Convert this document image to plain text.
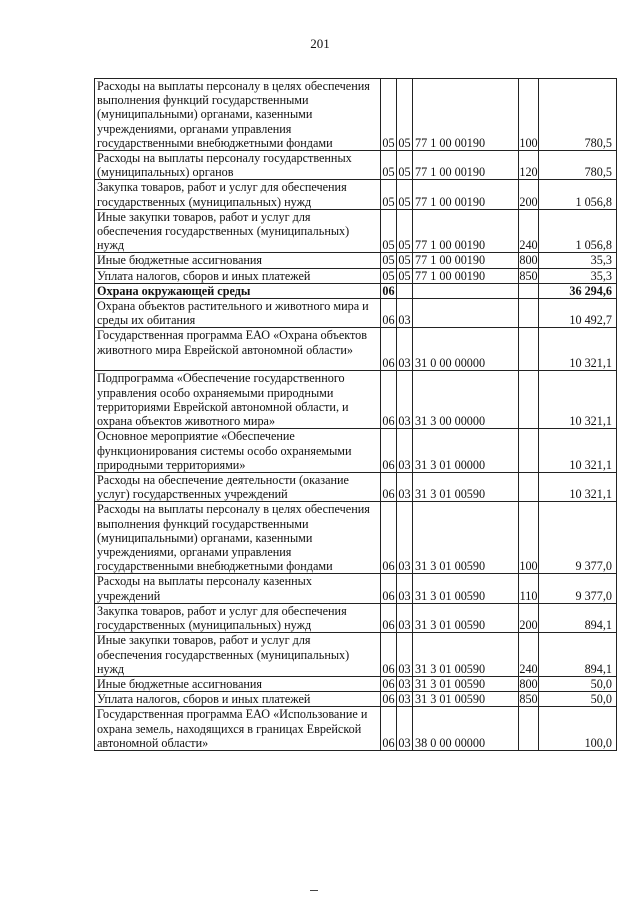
201
Расходы на выплаты персоналу в целях обеспечения выполнения функций государственными (муниципальными) органами, казенными учреждениями, органами управления государственными внебюджетными фондами	05	05	77 1 00 00190	100	780,5
Расходы на выплаты персоналу государственных (муниципальных) органов	05	05	77 1 00 00190	120	780,5
Закупка товаров, работ и услуг для обеспечения государственных (муниципальных) нужд	05	05	77 1 00 00190	200	1 056,8
Иные закупки товаров, работ и услуг для обеспечения государственных (муниципальных) нужд	05	05	77 1 00 00190	240	1 056,8
Иные бюджетные ассигнования	05	05	77 1 00 00190	800	35,3
Уплата налогов, сборов и иных платежей	05	05	77 1 00 00190	850	35,3
Охрана окружающей среды	06				36 294,6
Охрана объектов растительного и животного мира и среды их обитания	06	03			10 492,7
Государственная программа ЕАО «Охрана объектов животного мира Еврейской автономной области»	06	03	31 0 00 00000		10 321,1
Подпрограмма «Обеспечение государственного управления особо охраняемыми природными территориями Еврейской автономной области, и охрана объектов животного мира»	06	03	31 3 00 00000		10 321,1
Основное мероприятие «Обеспечение функционирования системы особо охраняемыми природными территориями»	06	03	31 3 01 00000		10 321,1
Расходы на обеспечение деятельности (оказание услуг) государственных учреждений	06	03	31 3 01 00590		10 321,1
Расходы на выплаты персоналу в целях обеспечения выполнения функций государственными (муниципальными) органами, казенными учреждениями, органами управления государственными внебюджетными фондами	06	03	31 3 01 00590	100	9 377,0
Расходы на выплаты персоналу казенных учреждений	06	03	31 3 01 00590	110	9 377,0
Закупка товаров, работ и услуг для обеспечения государственных (муниципальных) нужд	06	03	31 3 01 00590	200	894,1
Иные закупки товаров, работ и услуг для обеспечения государственных (муниципальных) нужд	06	03	31 3 01 00590	240	894,1
Иные бюджетные ассигнования	06	03	31 3 01 00590	800	50,0
Уплата налогов, сборов и иных платежей	06	03	31 3 01 00590	850	50,0
Государственная программа ЕАО «Использование и охрана земель, находящихся в границах Еврейской автономной области»	06	03	38 0 00 00000		100,0
